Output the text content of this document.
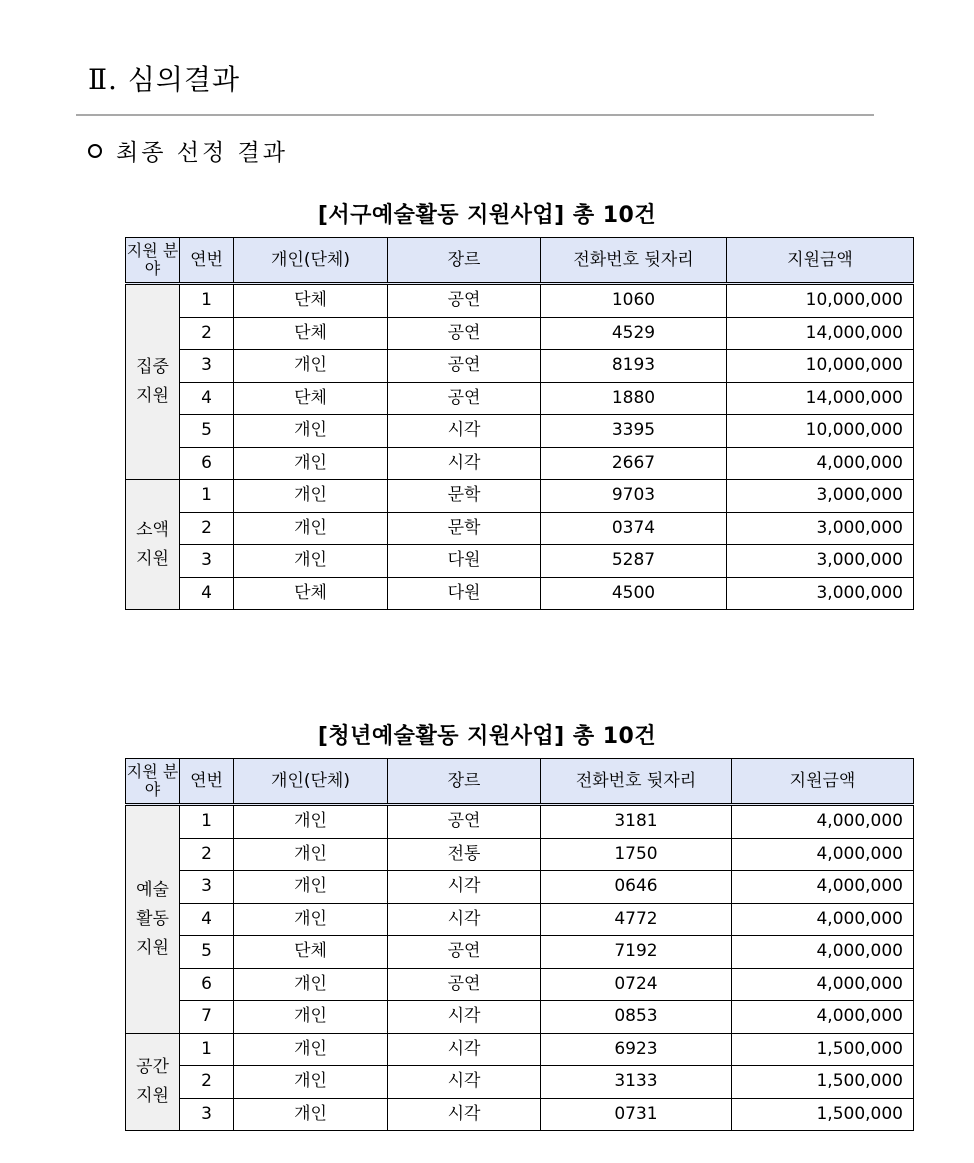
Ⅱ. 심의결과
최종 선정 결과
[서구예술활동 지원사업] 총 10건
지원 분야	연번	개인(단체)	장르	전화번호 뒷자리	지원금액
집중 지원	1	단체	공연	1060	10,000,000
	2	단체	공연	4529	14,000,000
	3	개인	공연	8193	10,000,000
	4	단체	공연	1880	14,000,000
	5	개인	시각	3395	10,000,000
	6	개인	시각	2667	4,000,000
소액 지원	1	개인	문학	9703	3,000,000
	2	개인	문학	0374	3,000,000
	3	개인	다원	5287	3,000,000
	4	단체	다원	4500	3,000,000
[청년예술활동 지원사업] 총 10건
지원 분야	연번	개인(단체)	장르	전화번호 뒷자리	지원금액
예술 활동 지원	1	개인	공연	3181	4,000,000
	2	개인	전통	1750	4,000,000
	3	개인	시각	0646	4,000,000
	4	개인	시각	4772	4,000,000
	5	단체	공연	7192	4,000,000
	6	개인	공연	0724	4,000,000
	7	개인	시각	0853	4,000,000
공간 지원	1	개인	시각	6923	1,500,000
	2	개인	시각	3133	1,500,000
	3	개인	시각	0731	1,500,000
